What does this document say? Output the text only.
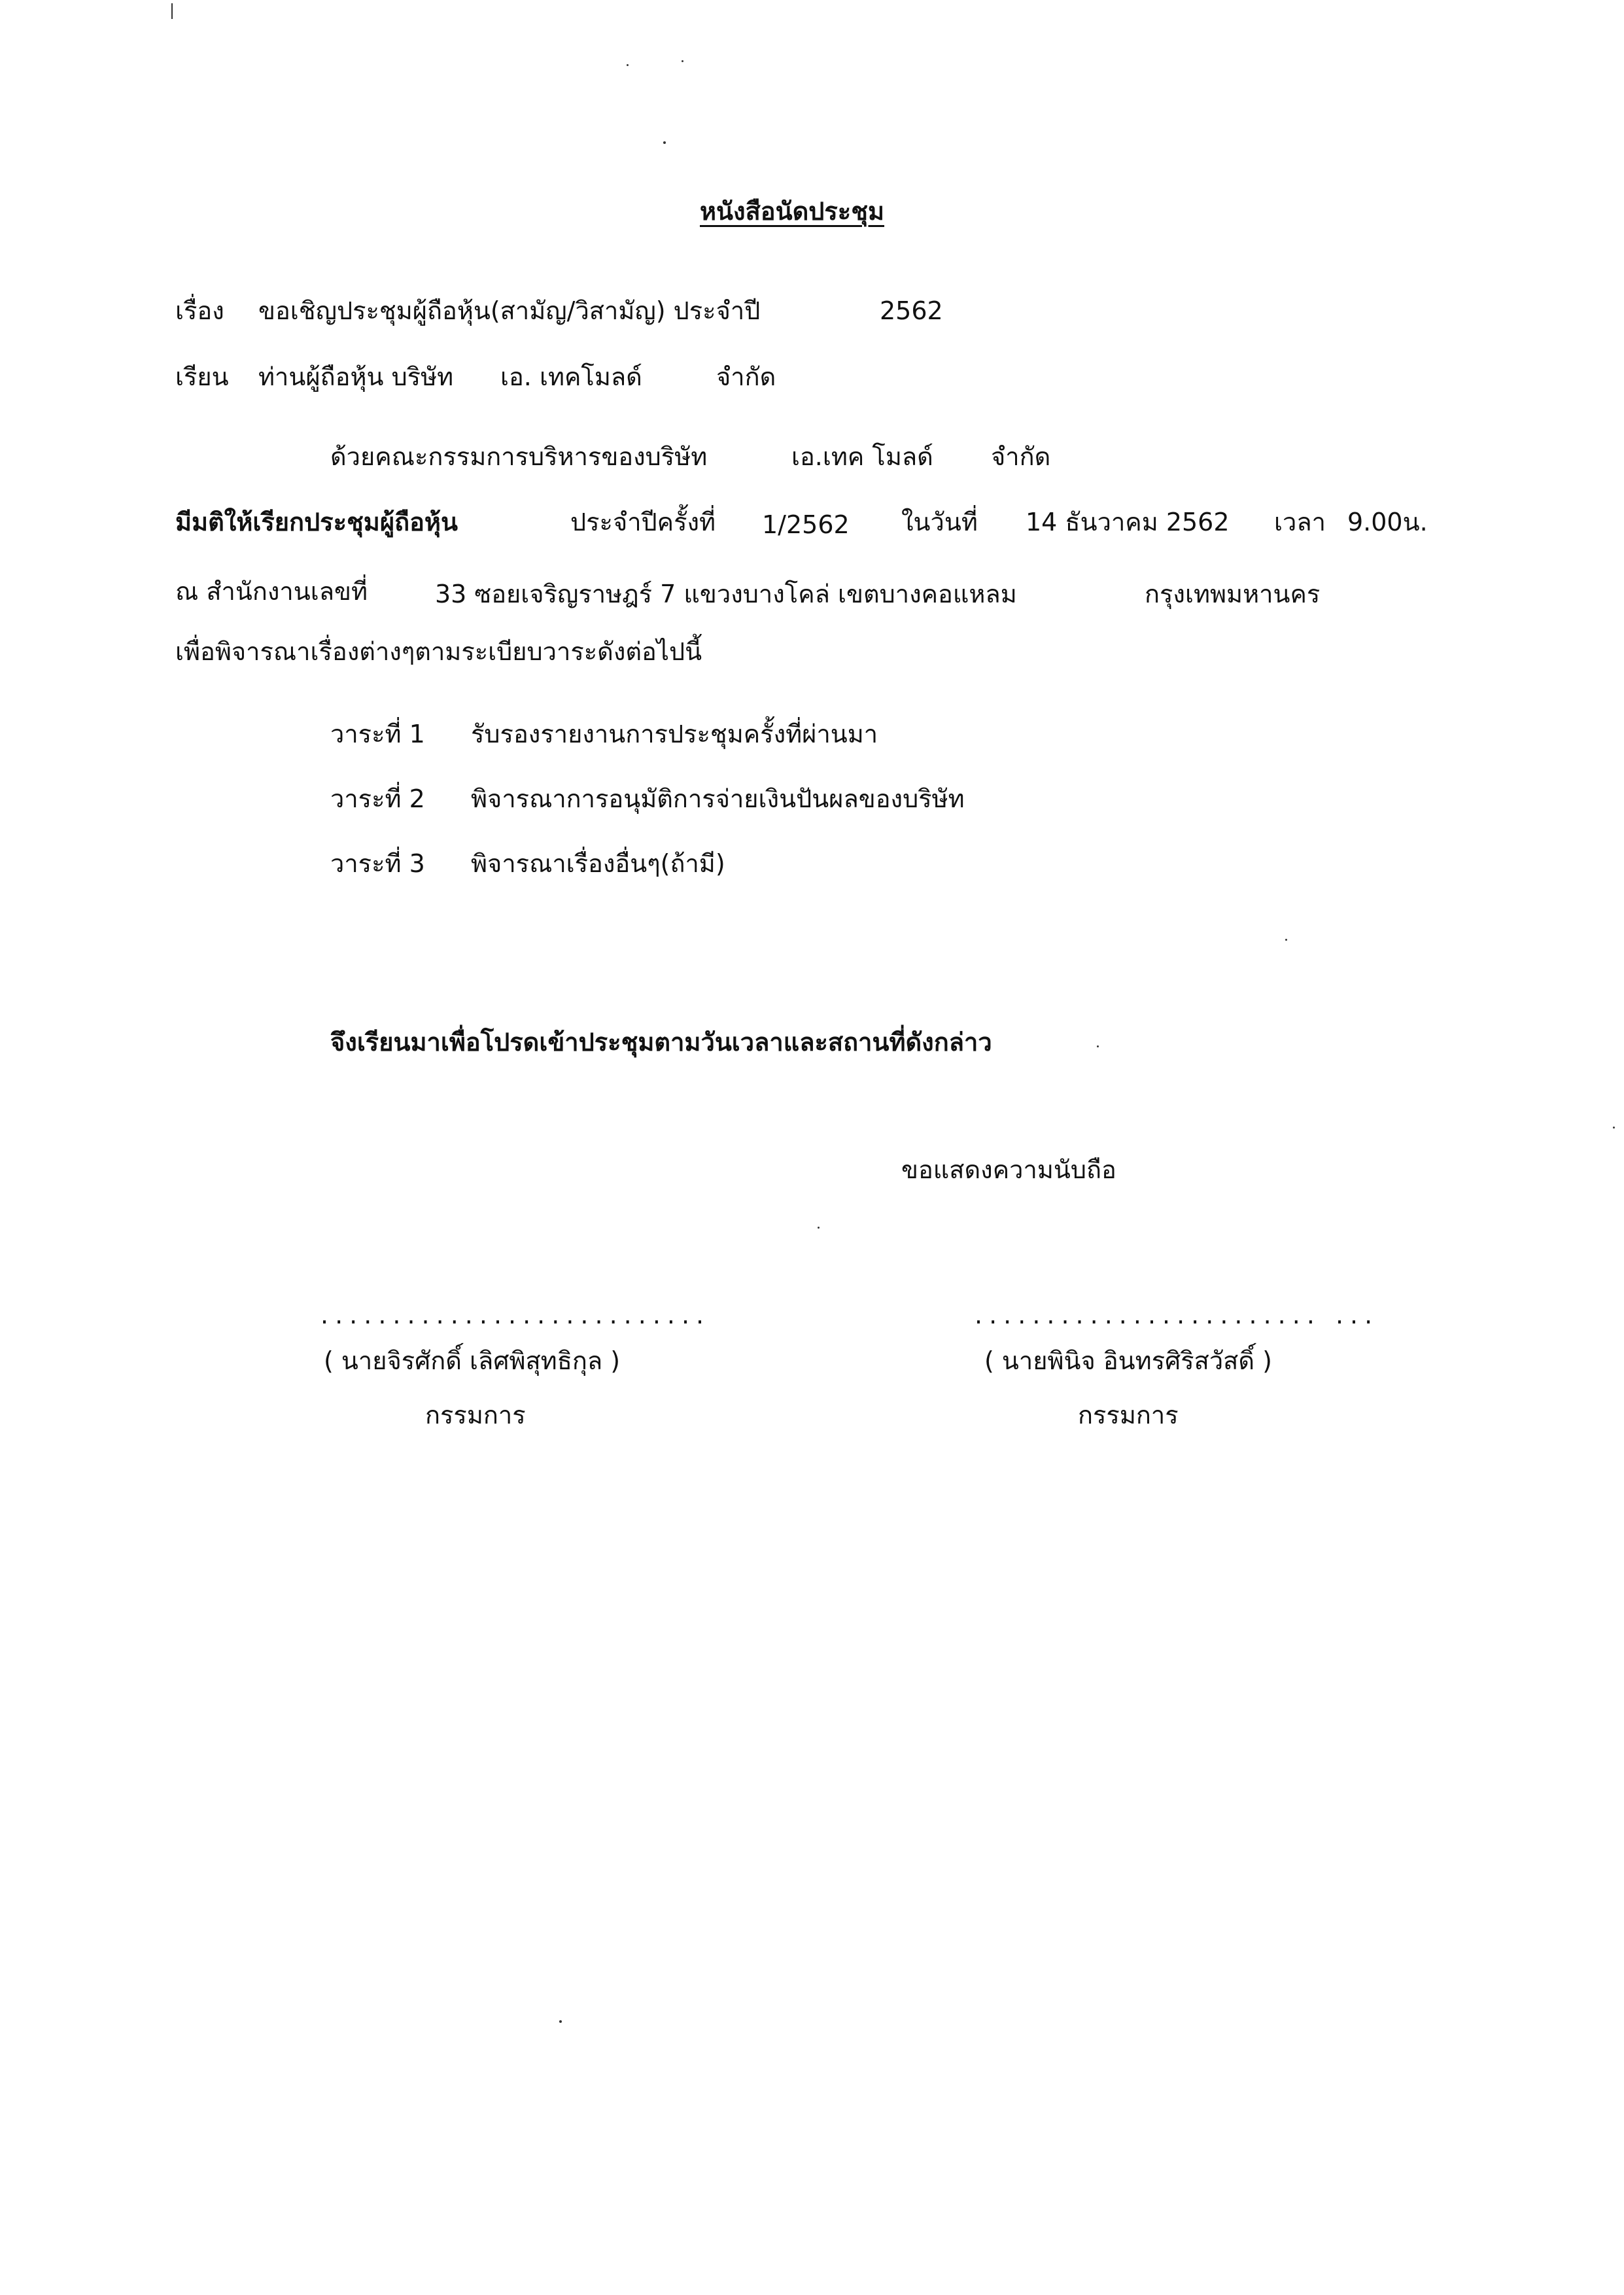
หนังสือนัดประชุม
เรื่อง ขอเชิญประชุมผู้ถือหุ้น(สามัญ/วิสามัญ) ประจำปี	2562
เรียน ท่านผู้ถือหุ้น บริษัท เอ. เทคโมลด์	จำกัด
ด้วยคณะกรรมการบริหารของบริษัท	เอ.เทค โมลด์ จำกัด
มีมติให้เรียกประชุมผู้ถือหุ้น	ประจำปีครั้งที่ 1/2562 ในวันที่ 14 ธันวาคม 2562 เวลา 9.00น.
ณ สำนักงานเลขที่	33 ซอยเจริญราษฎร์ 7 แขวงบางโคล่ เขตบางคอแหลม	กรุงเทพมหานคร
เพื่อพิจารณาเรื่องต่างๆตามระเบียบวาระดังต่อไปนี้
วาระที่ 1 รับรองรายงานการประชุมครั้งที่ผ่านมา
วาระที่ 2 พิจารณาการอนุมัติการจ่ายเงินปันผลของบริษัท
วาระที่ 3 พิจารณาเรื่องอื่นๆ(ถ้ามี)
จึงเรียนมาเพื่อโปรดเข้าประชุมตามวันเวลาและสถานที่ดังกล่าว
ขอแสดงความนับถือ
...........................
( นายจิรศักดิ์ เลิศพิสุทธิกุล )
กรรมการ
........................ ...
( นายพินิจ อินทรศิริสวัสดิ์ )
กรรมการ
